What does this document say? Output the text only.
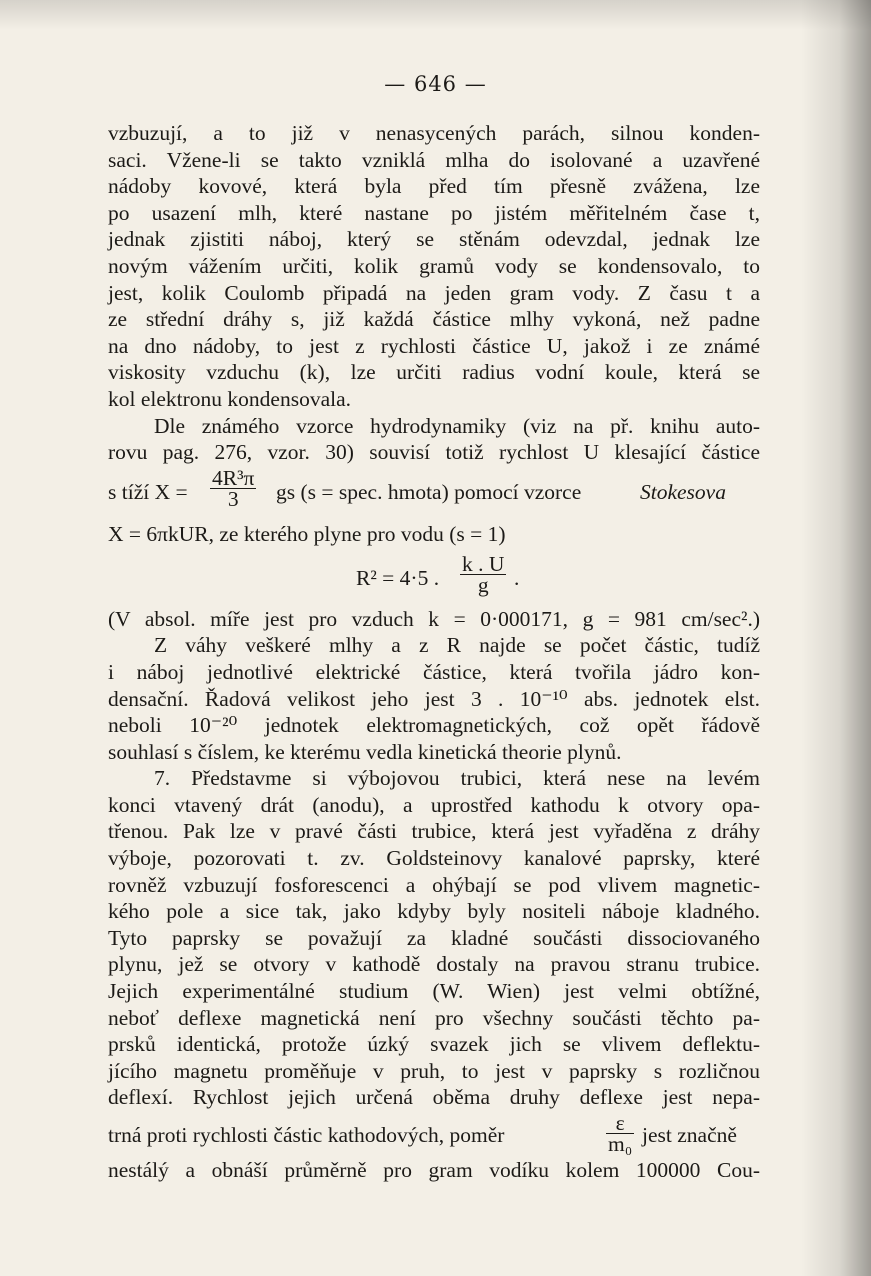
— 646 —
vzbuzují, a to již v nenasycených parách, silnou konden-
saci. Vžene-li se takto vzniklá mlha do isolované a uzavřené
nádoby kovové, která byla před tím přesně zvážena, lze
po usazení mlh, které nastane po jistém měřitelném čase t,
jednak zjistiti náboj, který se stěnám odevzdal, jednak lze
novým vážením určiti, kolik gramů vody se kondensovalo, to
jest, kolik Coulomb připadá na jeden gram vody. Z času t a
ze střední dráhy s, již každá částice mlhy vykoná, než padne
na dno nádoby, to jest z rychlosti částice U, jakož i ze známé
viskosity vzduchu (k), lze určiti radius vodní koule, která se
kol elektronu kondensovala.
Dle známého vzorce hydrodynamiky (viz na př. knihu auto-
rovu pag. 276, vzor. 30) souvisí totiž rychlost U klesající částice
s tíží $X = \frac{\text{4R³π}}{3}$ gs (s = spec. hmota) pomocí vzorce	Stokesova
X = 6πkUR, ze kterého plyne pro vodu (s = 1)
R² = 4·5 . $\frac{k . U}{g}$ .
(V absol. míře jest pro vzduch k = 0·000171, g = 981 cm/sec².)
Z váhy veškeré mlhy a z R najde se počet částic, tudíž
i náboj jednotlivé elektrické částice, která tvořila jádro kon-
densační. Řadová velikost jeho jest 3 . 10⁻¹⁰ abs. jednotek elst.
neboli 10⁻²⁰ jednotek elektromagnetických, což opět řádově
souhlasí s číslem, ke kterému vedla kinetická theorie plynů.
7. Představme si výbojovou trubici, která nese na levém
konci vtavený drát (anodu), a uprostřed kathodu k otvory opa-
třenou. Pak lze v pravé části trubice, která jest vyřaděna z dráhy
výboje, pozorovati t. zv. Goldsteinovy kanalové paprsky, které
rovněž vzbuzují fosforescenci a ohýbají se pod vlivem magnetic-
kého pole a sice tak, jako kdyby byly nositeli náboje kladného.
Tyto paprsky se považují za kladné součásti dissociovaného
plynu, jež se otvory v kathodě dostaly na pravou stranu trubice.
Jejich experimentálné studium (W. Wien) jest velmi obtížné,
neboť deflexe magnetická není pro všechny součásti těchto pa-
prsků identická, protože úzký svazek jich se vlivem deflektu-
jícího magnetu proměňuje v pruh, to jest v paprsky s rozličnou
deflexí. Rychlost jejich určená oběma druhy deflexe jest nepa-
trná proti rychlosti částic kathodových, poměr	$\frac{\varepsilon}{\text{m₀}}$ jest značně
nestálý a obnáší průměrně pro gram vodíku kolem 100000 Cou-
